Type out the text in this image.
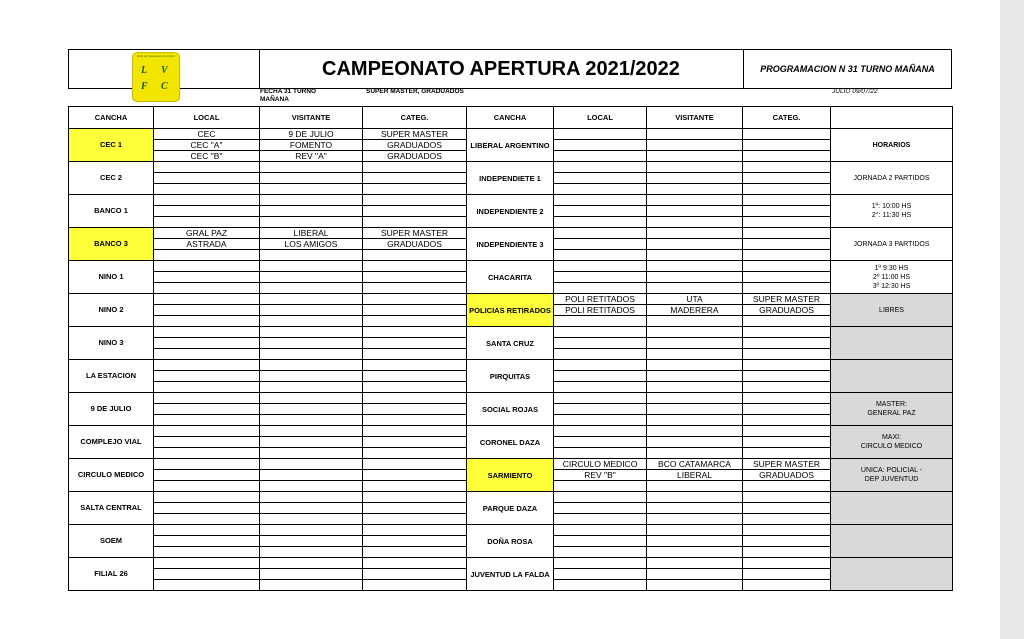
Club de Veteranos de Fútbol
L V
F C
CAMPEONATO APERTURA 2021/2022	PROGRAMACION N 31 TURNO MAÑANA
FECHA 31 TURNO MAÑANA
SUPER MASTER, GRADUADOS	JULIO 09/07/22
CANCHA	LOCAL	VISITANTE	CATEG.	CANCHA	LOCAL	VISITANTE	CATEG.	
CEC 1	CEC	9 DE JULIO	SUPER MASTER	LIBERAL ARGENTINO				HORARIOS

	CEC "A"	FOMENTO	GRADUADOS					
	CEC "B"	REV "A"	GRADUADOS					
CEC 2				INDEPENDIETE 1				JORNADA 2 PARTIDOS

BANCO 1				INDEPENDIENTE 2				1º: 10:00 HS
2°: 11:30 HS

BANCO 3	GRAL PAZ	LIBERAL	SUPER MASTER	INDEPENDIENTE 3				JORNADA 3 PARTIDOS

	ASTRADA	LOS AMIGOS	GRADUADOS					

NINO 1				CHACARITA				1º 9:30 HS
2º 11:00 HS
3º 12:30 HS

NINO 2				POLICIAS RETIRADOS	POLI RETITADOS	UTA	SUPER MASTER	LIBRES

					POLI RETITADOS	MADERERA	GRADUADOS	

NINO 3				SANTA CRUZ				

LA ESTACION				PIRQUITAS				

9 DE JULIO				SOCIAL ROJAS				MASTER:
GENERAL PAZ

COMPLEJO VIAL				CORONEL DAZA				MAXI:
CIRCULO MEDICO

CIRCULO MEDICO				SARMIENTO	CIRCULO MEDICO	BCO CATAMARCA	SUPER MASTER	UNICA: POLICIAL -
DEP JUVENTUD

					REV "B"	LIBERAL	GRADUADOS	

SALTA CENTRAL				PARQUE DAZA				

SOEM				DOÑA ROSA				

FILIAL 26				JUVENTUD LA FALDA				
